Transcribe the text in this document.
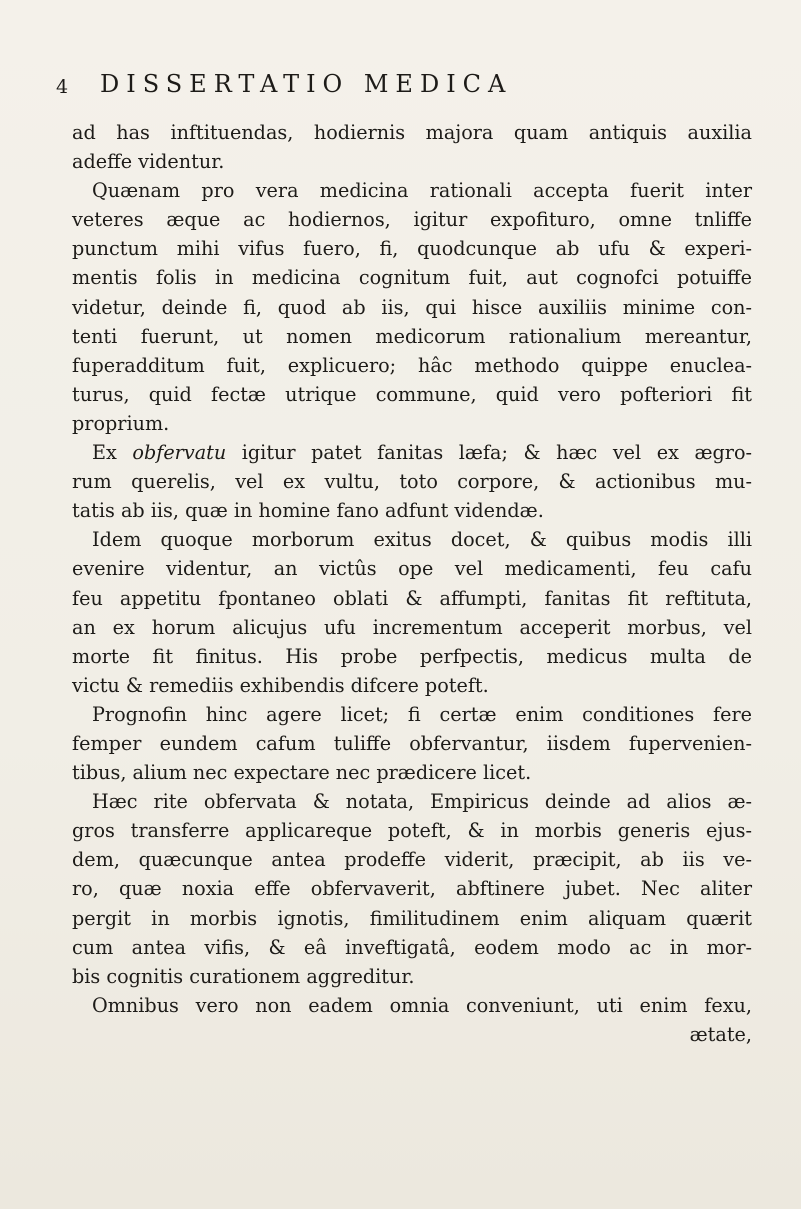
4 DISSERTATIO MEDICA
ad has inftituendas, hodiernis majora quam antiquis auxilia
adeffe videntur.
Quænam pro vera medicina rationali accepta fuerit inter
veteres æque ac hodiernos, igitur expofituro, omne tnliffe
punctum mihi vifus fuero, fi, quodcunque ab ufu & experi-
mentis folis in medicina cognitum fuit, aut cognofci potuiffe
videtur, deinde fi, quod ab iis, qui hisce auxiliis minime con-
tenti fuerunt, ut nomen medicorum rationalium mereantur,
fuperadditum fuit, explicuero; hâc methodo quippe enuclea-
turus, quid fectæ utrique commune, quid vero pofteriori fit
proprium.
Ex obfervatu igitur patet fanitas læfa; & hæc vel ex ægro-
rum querelis, vel ex vultu, toto corpore, & actionibus mu-
tatis ab iis, quæ in homine fano adfunt videndæ.
Idem quoque morborum exitus docet, & quibus modis illi
evenire videntur, an victûs ope vel medicamenti, feu cafu
feu appetitu fpontaneo oblati & affumpti, fanitas fit reftituta,
an ex horum alicujus ufu incrementum acceperit morbus, vel
morte fit finitus. His probe perfpectis, medicus multa de
victu & remediis exhibendis difcere poteft.
Prognofin hinc agere licet; fi certæ enim conditiones fere
femper eundem cafum tuliffe obfervantur, iisdem fupervenien-
tibus, alium nec expectare nec prædicere licet.
Hæc rite obfervata & notata, Empiricus deinde ad alios æ-
gros transferre applicareque poteft, & in morbis generis ejus-
dem, quæcunque antea prodeffe viderit, præcipit, ab iis ve-
ro, quæ noxia effe obfervaverit, abftinere jubet. Nec aliter
pergit in morbis ignotis, fimilitudinem enim aliquam quærit
cum antea vifis, & eâ inveftigatâ, eodem modo ac in mor-
bis cognitis curationem aggreditur.
Omnibus vero non eadem omnia conveniunt, uti enim fexu,
ætate,
